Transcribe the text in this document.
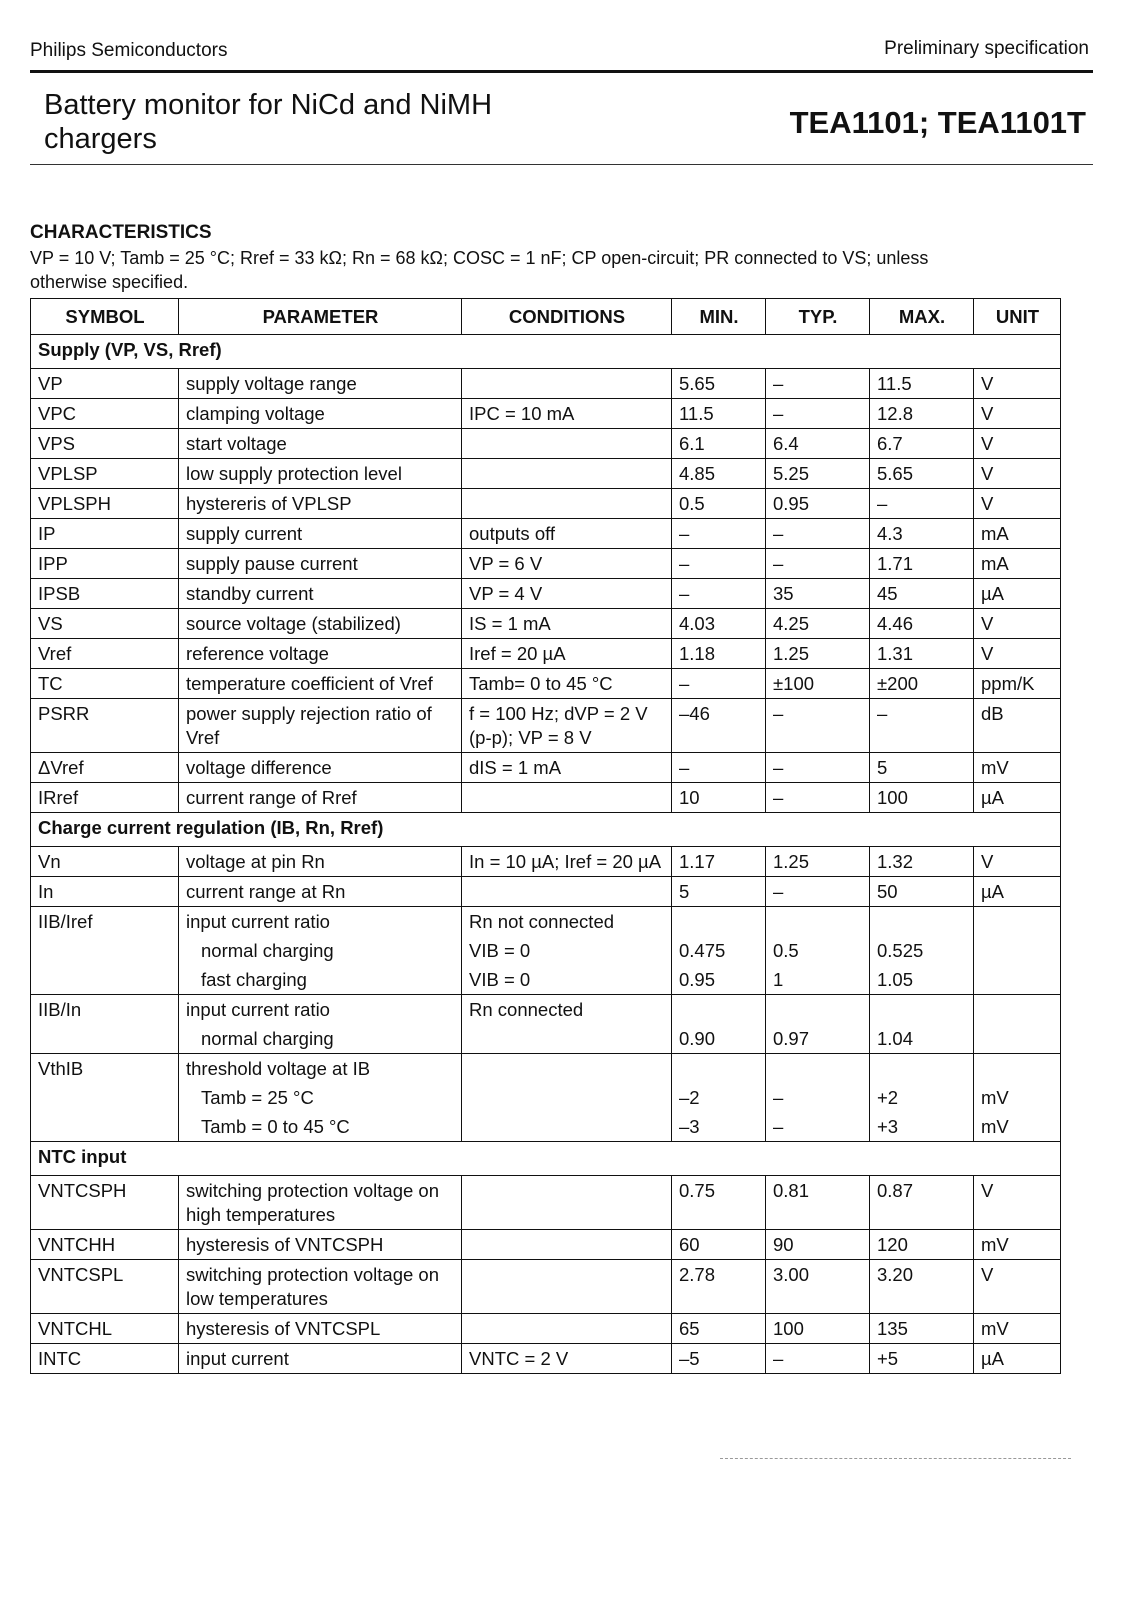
Philips Semiconductors	Preliminary specification
Battery monitor for NiCd and NiMH
chargers	TEA1101; TEA1101T
CHARACTERISTICS
VP = 10 V; Tamb = 25 °C; Rref = 33 kΩ; Rn = 68 kΩ; COSC = 1 nF; CP open-circuit; PR connected to VS; unless otherwise specified.
SYMBOL	PARAMETER	CONDITIONS	MIN.	TYP.	MAX.	UNIT
Supply (VP, VS, Rref)						
VP	supply voltage range		5.65	–	11.5	V
VPC	clamping voltage	IPC = 10 mA	11.5	–	12.8	V
VPS	start voltage		6.1	6.4	6.7	V
VPLSP	low supply protection level		4.85	5.25	5.65	V
VPLSPH	hystereris of VPLSP		0.5	0.95	–	V
IP	supply current	outputs off	–	–	4.3	mA
IPP	supply pause current	VP = 6 V	–	–	1.71	mA
IPSB	standby current	VP = 4 V	–	35	45	µA
VS	source voltage (stabilized)	IS = 1 mA	4.03	4.25	4.46	V
Vref	reference voltage	Iref = 20 µA	1.18	1.25	1.31	V
TC	temperature coefficient of Vref	Tamb= 0 to 45 °C	–	±100	±200	ppm/K
PSRR	power supply rejection ratio of Vref	f = 100 Hz; dVP = 2 V (p-p); VP = 8 V	–46	–	–	dB
ΔVref	voltage difference	dIS = 1 mA	–	–	5	mV
IRref	current range of Rref		10	–	100	µA
Charge current regulation (IB, Rn, Rref)						
Vn	voltage at pin Rn	In = 10 µA; Iref = 20 µA	1.17	1.25	1.32	V
In	current range at Rn		5	–	50	µA
IIB/Iref	input current ratio	Rn not connected				
	normal charging	VIB = 0	0.475	0.5	0.525	
	fast charging	VIB = 0	0.95	1	1.05	
IIB/In	input current ratio	Rn connected				
	normal charging		0.90	0.97	1.04	
VthIB	threshold voltage at IB					
	Tamb = 25 °C		–2	–	+2	mV
	Tamb = 0 to 45 °C		–3	–	+3	mV
NTC input						
VNTCSPH	switching protection voltage on high temperatures		0.75	0.81	0.87	V
VNTCHH	hysteresis of VNTCSPH		60	90	120	mV
VNTCSPL	switching protection voltage on low temperatures		2.78	3.00	3.20	V
VNTCHL	hysteresis of VNTCSPL		65	100	135	mV
INTC	input current	VNTC = 2 V	–5	–	+5	µA
